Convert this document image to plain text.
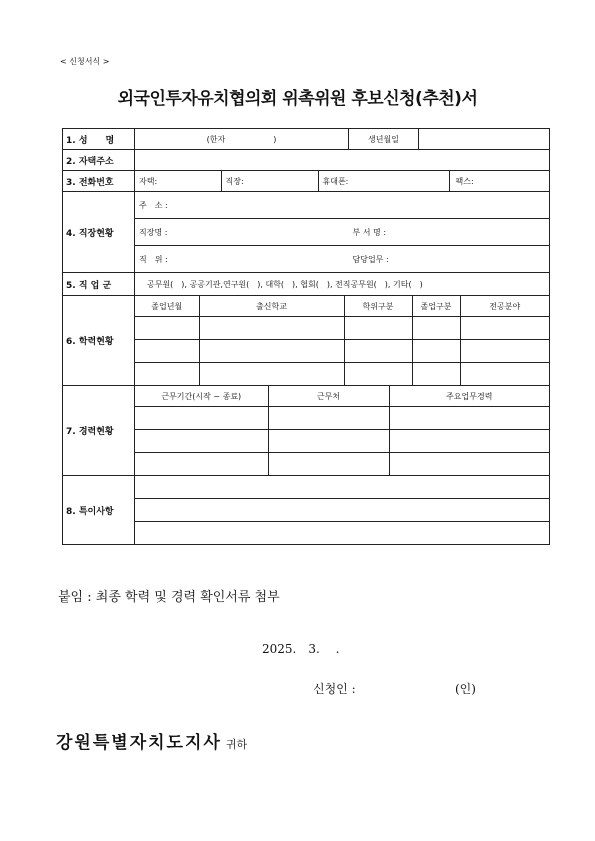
< 신청서식 >
외국인투자유치협의회 위촉위원 후보신청(추천)서
1. 성　　명	(한자　　　　　　)	생년월일	
2. 자택주소	
3. 전화번호		자택:	직장:	휴대폰:	팩스:

4. 직장현황	주　소 :
직장명 :	부 서 명 :
직　위 :	담당업무 :
5. 직 업 군	공무원(　), 공공기관,연구원(　), 대학(　), 협회(　), 전직공무원(　), 기타(　)
6. 학력현황	
졸업년월	출신학교	학위구분	졸업구분	전공분야

7. 경력현황	
근무기간(시작 ~ 종료)	근무처	주요업무경력

8. 특이사항	

붙임 : 최종 학력 및 경력 확인서류 첨부
2025.　3.　 .
신청인 :	(인)
강원특별자치도지사 귀하
